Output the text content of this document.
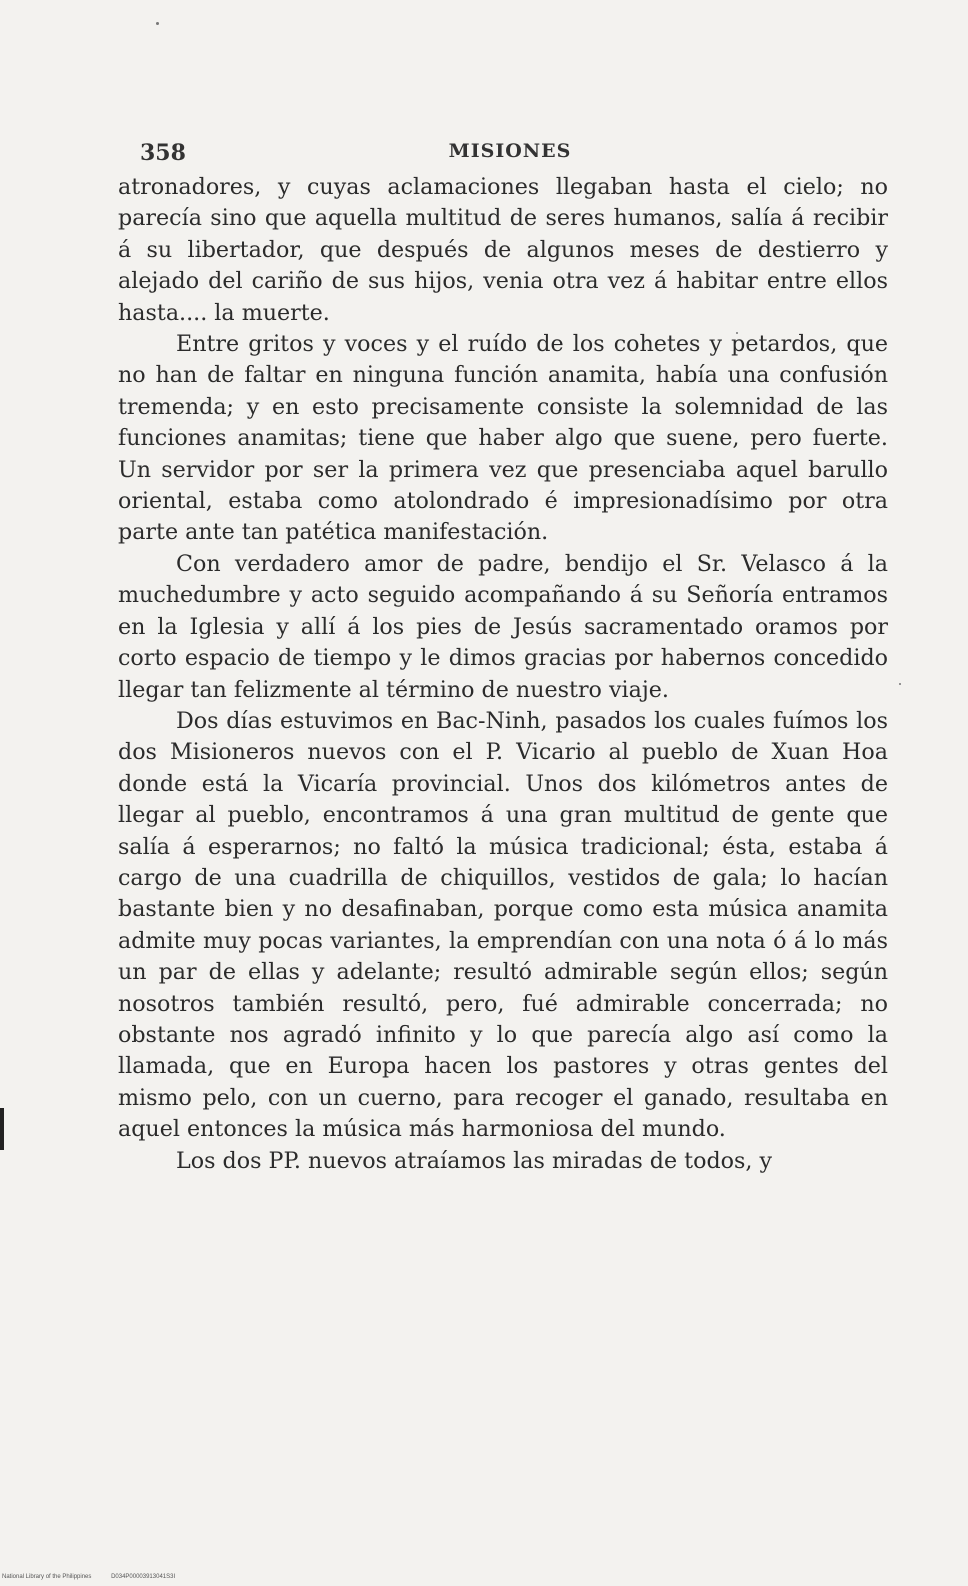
358	MISIONES

atronadores, y cuyas aclamaciones llegaban hasta el cielo; no parecía sino que aquella multitud de seres humanos, salía á recibir á su libertador, que después de algunos meses de destierro y alejado del cariño de sus hijos, venia otra vez á habitar entre ellos hasta.... la muerte.

Entre gritos y voces y el ruído de los cohetes y petardos, que no han de faltar en ninguna función anamita, había una confusión tremenda; y en esto precisamente consiste la solemnidad de las funciones anamitas; tiene que haber algo que suene, pero fuerte. Un servidor por ser la primera vez que presenciaba aquel barullo oriental, estaba como atolondrado é impresionadísimo por otra parte ante tan patética manifestación.

Con verdadero amor de padre, bendijo el Sr. Velasco á la muchedumbre y acto seguido acompañando á su Señoría entramos en la Iglesia y allí á los pies de Jesús sacramentado oramos por corto espacio de tiempo y le dimos gracias por habernos concedido llegar tan felizmente al término de nuestro viaje.

Dos días estuvimos en Bac-Ninh, pasados los cuales fuímos los dos Misioneros nuevos con el P. Vicario al pueblo de Xuan Hoa donde está la Vicaría provincial. Unos dos kilómetros antes de llegar al pueblo, encontramos á una gran multitud de gente que salía á esperarnos; no faltó la música tradicional; ésta, estaba á cargo de una cuadrilla de chiquillos, vestidos de gala; lo hacían bastante bien y no desafinaban, porque como esta música anamita admite muy pocas variantes, la emprendían con una nota ó á lo más un par de ellas y adelante; resultó admirable según ellos; según nosotros también resultó, pero, fué admirable concerrada; no obstante nos agradó infinito y lo que parecía algo así como la llamada, que en Europa hacen los pastores y otras gentes del mismo pelo, con un cuerno, para recoger el ganado, resultaba en aquel entonces la música más harmoniosa del mundo.

Los dos PP. nuevos atraíamos las miradas de todos, y

National Library of the Philippines	D034P00003913041S3I
